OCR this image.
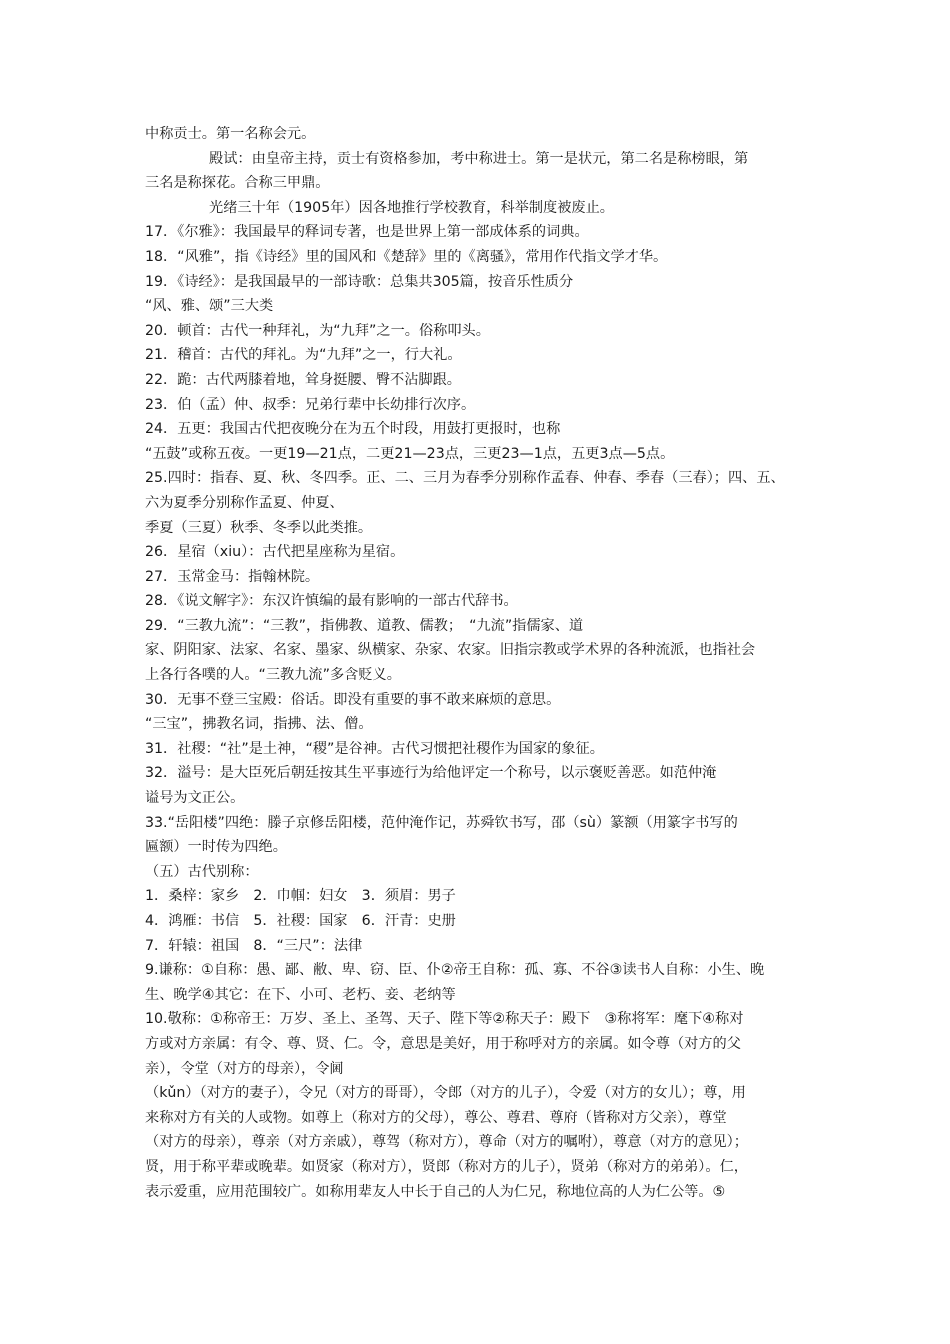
中称贡士。第一名称会元。
殿试：由皇帝主持，贡士有资格参加，考中称进士。第一是状元，第二名是称榜眼，第
三名是称探花。合称三甲鼎。
光绪三十年（1905年）因各地推行学校教育，科举制度被废止。
17．《尔雅》：我国最早的释词专著，也是世界上第一部成体系的词典。
18．“风雅”，指《诗经》里的国风和《楚辞》里的《离骚》，常用作代指文学才华。
19．《诗经》：是我国最早的一部诗歌：总集共305篇，按音乐性质分
“风、雅、颂”三大类
20．顿首：古代一种拜礼，为“九拜”之一。俗称叩头。
21．稽首：古代的拜礼。为“九拜”之一，行大礼。
22．跪：古代两膝着地，耸身挺腰、臀不沾脚跟。
23．伯（孟）仲、叔季：兄弟行辈中长幼排行次序。
24．五更：我国古代把夜晚分在为五个时段，用鼓打更报时，也称
“五鼓”或称五夜。一更19—21点，二更21—23点，三更23—1点，五更3点—5点。
25.四时：指春、夏、秋、冬四季。正、二、三月为春季分别称作孟春、仲春、季春（三春）；四、五、
六为夏季分别称作孟夏、仲夏、
季夏（三夏）秋季、冬季以此类推。
26．星宿（xiu）：古代把星座称为星宿。
27．玉常金马：指翰林院。
28．《说文解字》：东汉许慎编的最有影响的一部古代辞书。
29．“三教九流”：“三教”，指佛教、道教、儒教；　“九流”指儒家、道
家、阴阳家、法家、名家、墨家、纵横家、杂家、农家。旧指宗教或学术界的各种流派，也指社会
上各行各噗的人。“三教九流”多含贬义。
30．无事不登三宝殿：俗话。即没有重要的事不敢来麻烦的意思。
“三宝”，拂教名词，指拂、法、僧。
31．社稷：“社”是土神，“稷”是谷神。古代习惯把社稷作为国家的象征。
32．溢号：是大臣死后朝廷按其生平事迹行为给他评定一个称号，以示褒贬善恶。如范仲淹
谥号为文正公。
33.“岳阳楼”四绝：滕子京修岳阳楼，范仲淹作记，苏舜钦书写，邵（sù）篆额（用篆字书写的
匾额）一时传为四绝。
（五）古代别称：
1．桑梓：家乡　2．巾帼：妇女　3．须眉：男子
4．鸿雁：书信　5．社稷：国家　6．汗青：史册
7．轩辕：祖国　8．“三尺”：法律
9.谦称：①自称：愚、鄙、敝、卑、窃、臣、仆②帝王自称：孤、寡、不谷③读书人自称：小生、晚
生、晚学④其它：在下、小可、老朽、妾、老纳等
10.敬称：①称帝王：万岁、圣上、圣驾、天子、陛下等②称天子：殿下　③称将军：麾下④称对
方或对方亲属：有令、尊、贤、仁。令，意思是美好，用于称呼对方的亲属。如令尊（对方的父
亲），令堂（对方的母亲），令阃
（kǔn）（对方的妻子），令兄（对方的哥哥），令郎（对方的儿子），令爱（对方的女儿）；尊，用
来称对方有关的人或物。如尊上（称对方的父母），尊公、尊君、尊府（皆称对方父亲），尊堂
（对方的母亲），尊亲（对方亲戚），尊驾（称对方），尊命（对方的嘱咐），尊意（对方的意见）；
贤，用于称平辈或晚辈。如贤家（称对方），贤郎（称对方的儿子），贤弟（称对方的弟弟）。仁，
表示爱重，应用范围较广。如称用辈友人中长于自己的人为仁兄，称地位高的人为仁公等。⑤
